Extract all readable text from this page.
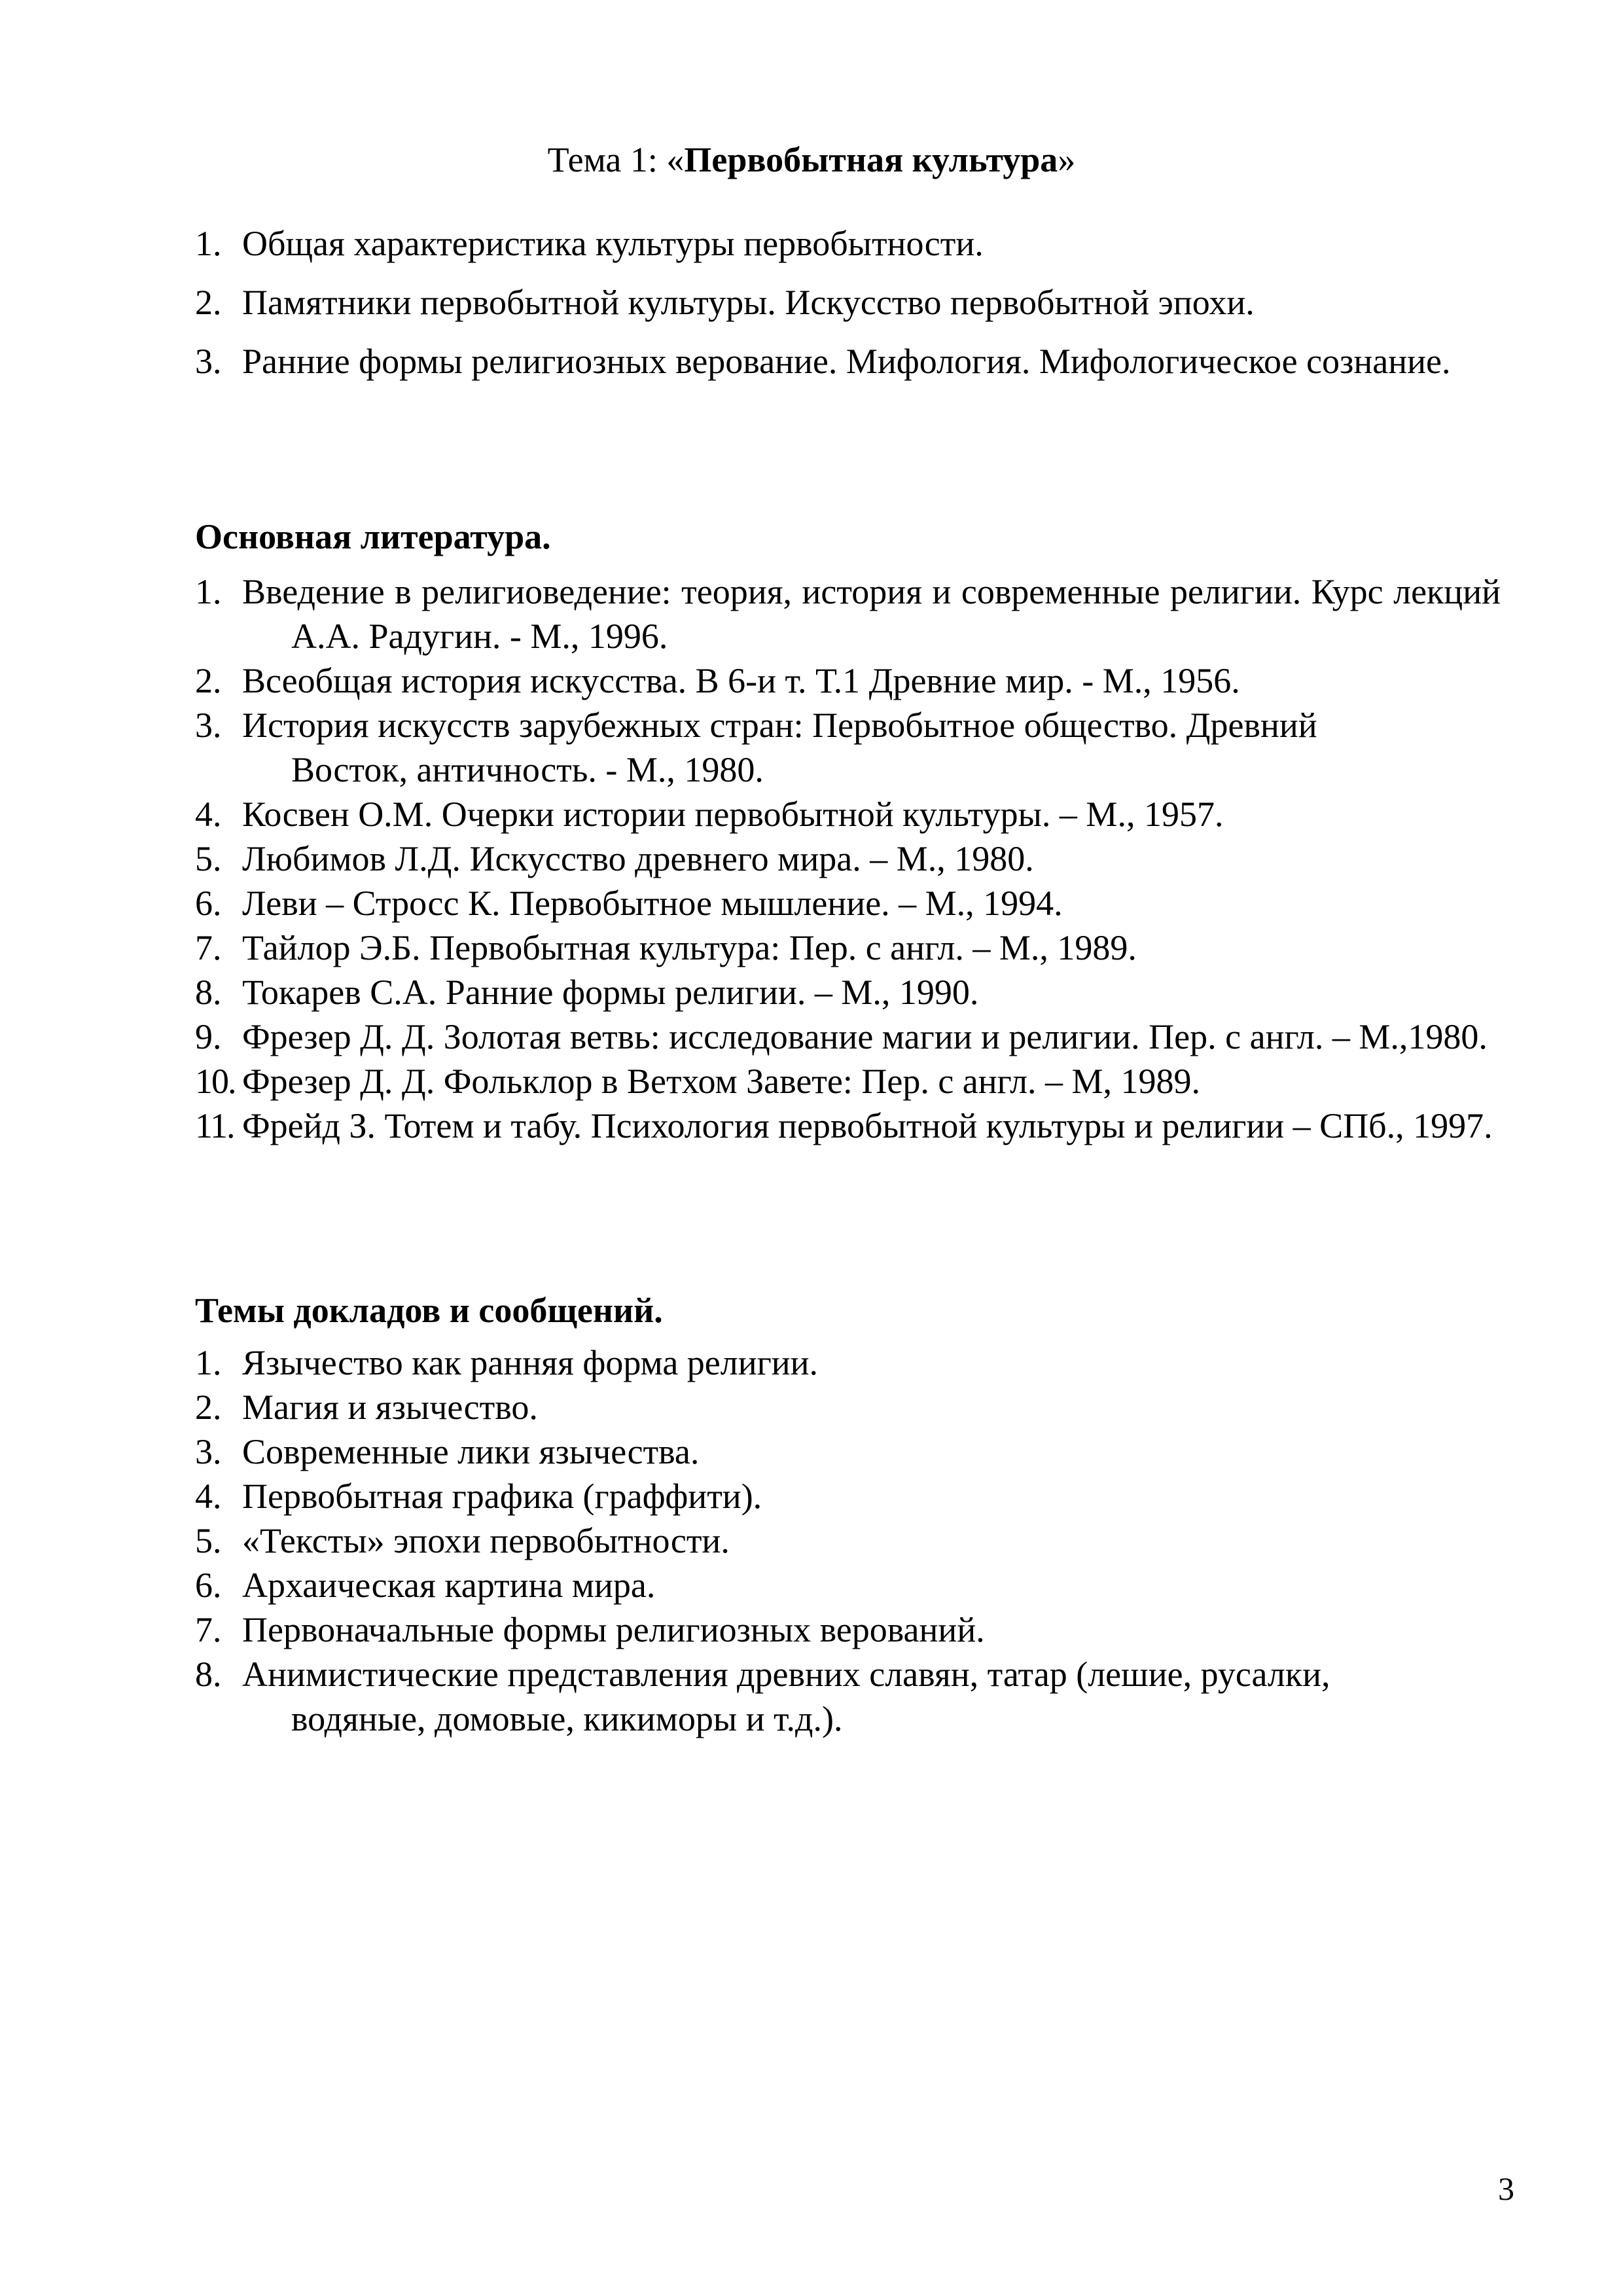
Тема 1: «Первобытная культура»
1. Общая характеристика культуры первобытности.
2. Памятники первобытной культуры. Искусство первобытной эпохи.
3. Ранние формы религиозных верование. Мифология. Мифологическое сознание.
Основная литература.
1. Введение в религиоведение: теория, история и современные религии. Курс лекций А.А. Радугин. - М., 1996.
2. Всеобщая история искусства. В 6-и т. Т.1 Древние мир. - М., 1956.
3. История искусств зарубежных стран: Первобытное общество. Древний Восток, античность. - М., 1980.
4. Косвен О.М. Очерки истории первобытной культуры. – М., 1957.
5. Любимов Л.Д. Искусство древнего мира. – М., 1980.
6. Леви – Стросс К. Первобытное мышление. – М., 1994.
7. Тайлор Э.Б. Первобытная культура: Пер. с англ. – М., 1989.
8. Токарев С.А. Ранние формы религии. – М., 1990.
9. Фрезер Д. Д. Золотая ветвь: исследование магии и религии. Пер. с англ. – М.,1980.
10. Фрезер Д. Д. Фольклор в Ветхом Завете: Пер. с англ. – М, 1989.
11. Фрейд З. Тотем и табу. Психология первобытной культуры и религии – СПб., 1997.
Темы докладов и сообщений.
1. Язычество как ранняя форма религии.
2. Магия и язычество.
3. Современные лики язычества.
4. Первобытная графика (граффити).
5. «Тексты» эпохи первобытности.
6. Архаическая картина мира.
7. Первоначальные формы религиозных верований.
8. Анимистические представления древних славян, татар (лешие, русалки, водяные, домовые, кикиморы и т.д.).
3
